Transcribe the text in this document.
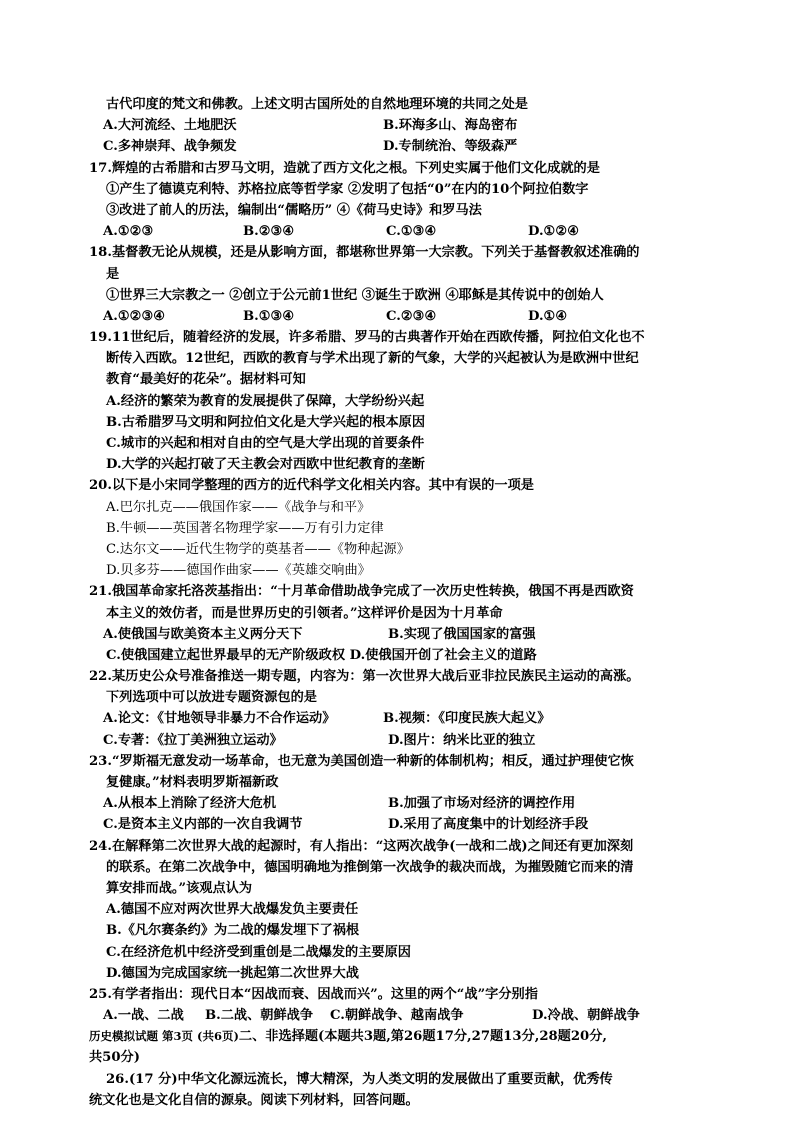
古代印度的梵文和佛教。上述文明古国所处的自然地理环境的共同之处是
A.大河流经、土地肥沃	B.环海多山、海岛密布
C.多神崇拜、战争频发	D.专制统治、等级森严
17.辉煌的古希腊和古罗马文明，造就了西方文化之根。下列史实属于他们文化成就的是
①产生了德谟克利特、苏格拉底等哲学家 ②发明了包括“0”在内的10个阿拉伯数字
③改进了前人的历法，编制出“儒略历” ④《荷马史诗》和罗马法
A.①②③	B.②③④	C.①③④	D.①②④
18.基督教无论从规模，还是从影响方面，都堪称世界第一大宗教。下列关于基督教叙述准确的
是
①世界三大宗教之一 ②创立于公元前1世纪 ③诞生于欧洲 ④耶稣是其传说中的创始人
A.①②③④	B.①③④	C.②③④	D.①④
19.11世纪后，随着经济的发展，许多希腊、罗马的古典著作开始在西欧传播，阿拉伯文化也不
断传入西欧。12世纪，西欧的教育与学术出现了新的气象，大学的兴起被认为是欧洲中世纪
教育“最美好的花朵”。据材料可知
A.经济的繁荣为教育的发展提供了保障，大学纷纷兴起
B.古希腊罗马文明和阿拉伯文化是大学兴起的根本原因
C.城市的兴起和相对自由的空气是大学出现的首要条件
D.大学的兴起打破了天主教会对西欧中世纪教育的垄断
20.以下是小宋同学整理的西方的近代科学文化相关内容。其中有误的一项是
A.巴尔扎克——俄国作家——《战争与和平》
B.牛顿——英国著名物理学家——万有引力定律
C.达尔文——近代生物学的奠基者——《物种起源》
D.贝多芬——德国作曲家——《英雄交响曲》
21.俄国革命家托洛茨基指出：“十月革命借助战争完成了一次历史性转换，俄国不再是西欧资
本主义的效仿者，而是世界历史的引领者。”这样评价是因为十月革命
A.使俄国与欧美资本主义两分天下	B.实现了俄国国家的富强
C.使俄国建立起世界最早的无产阶级政权 D.使俄国开创了社会主义的道路
22.某历史公众号准备推送一期专题，内容为：第一次世界大战后亚非拉民族民主运动的高涨。
下列选项中可以放进专题资源包的是
A.论文：《甘地领导非暴力不合作运动》	B.视频：《印度民族大起义》
C.专著：《拉丁美洲独立运动》	D.图片：纳米比亚的独立
23.“罗斯福无意发动一场革命，也无意为美国创造一种新的体制机构；相反，通过护理使它恢
复健康。”材料表明罗斯福新政
A.从根本上消除了经济大危机	B.加强了市场对经济的调控作用
C.是资本主义内部的一次自我调节	D.采用了高度集中的计划经济手段
24.在解释第二次世界大战的起源时，有人指出：“这两次战争(一战和二战)之间还有更加深刻
的联系。在第二次战争中，德国明确地为推倒第一次战争的裁决而战，为摧毁随它而来的清
算安排而战。”该观点认为
A.德国不应对两次世界大战爆发负主要责任
B.《凡尔赛条约》为二战的爆发埋下了祸根
C.在经济危机中经济受到重创是二战爆发的主要原因
D.德国为完成国家统一挑起第二次世界大战
25.有学者指出：现代日本“因战而衰、因战而兴”。这里的两个“战”字分别指
A.一战、二战 B.二战、朝鲜战争 C.朝鲜战争、越南战争	D.冷战、朝鲜战争
历史模拟试题 第3页 (共6页)二、非选择题(本题共3题,第26题17分,27题13分,28题20分,
共50分)
26.(17 分)中华文化源远流长，博大精深，为人类文明的发展做出了重要贡献，优秀传
统文化也是文化自信的源泉。阅读下列材料，回答问题。
